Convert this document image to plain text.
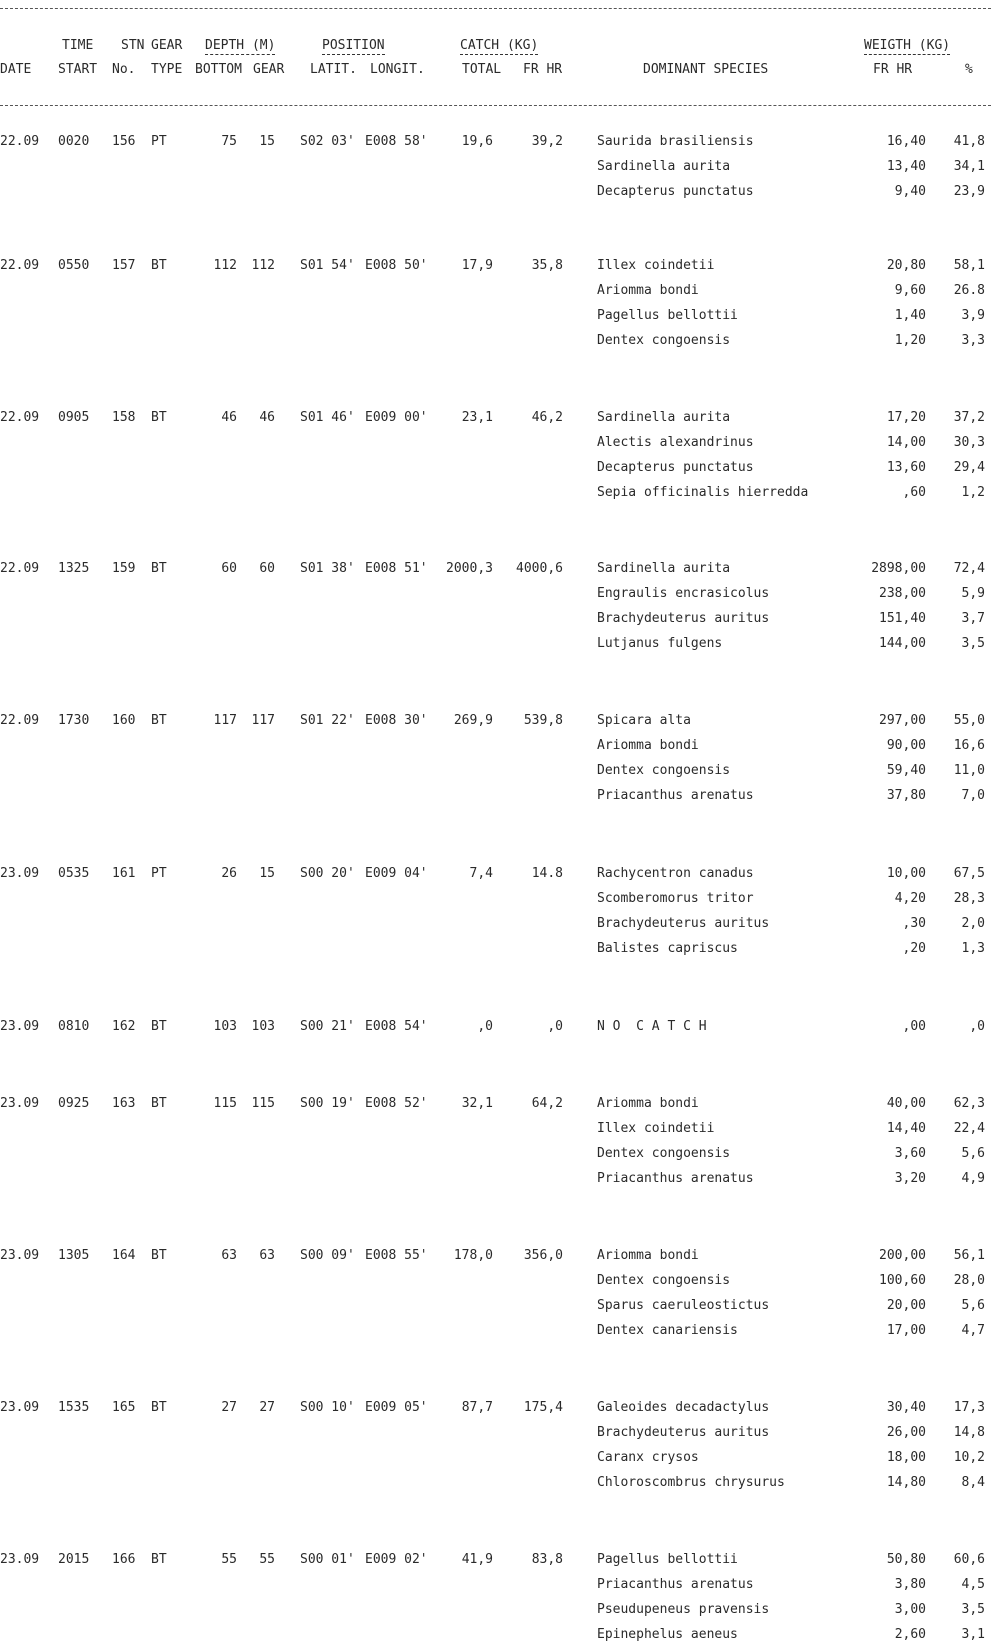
TIME STN GEAR DEPTH (M)	POSITION	CATCH (KG)	WEIGTH (KG)
DATE START No. TYPE BOTTOM GEAR LATIT. LONGIT.	TOTAL FR HR	DOMINANT SPECIES	FR HR	%
22.09	0020	156	PT	75	15 S02 03' E008 58'	19,6	39,2	Saurida brasiliensis	16,40	41,8
Sardinella aurita	13,40	34,1
Decapterus punctatus	9,40	23,9
22.09	0550	157	BT	112	112 S01 54' E008 50'	17,9	35,8	Illex coindetii	20,80	58,1
Ariomma bondi	9,60	26.8
Pagellus bellottii	1,40	3,9
Dentex congoensis	1,20	3,3
22.09	0905	158	BT	46	46 S01 46' E009 00'	23,1	46,2	Sardinella aurita	17,20	37,2
Alectis alexandrinus	14,00	30,3
Decapterus punctatus	13,60	29,4
Sepia officinalis hierredda	,60	1,2
22.09	1325	159	BT	60	60 S01 38' E008 51'	2000,3	4000,6	Sardinella aurita	2898,00	72,4
Engraulis encrasicolus	238,00	5,9
Brachydeuterus auritus	151,40	3,7
Lutjanus fulgens	144,00	3,5
22.09	1730	160	BT	117	117 S01 22' E008 30'	269,9	539,8	Spicara alta	297,00	55,0
Ariomma bondi	90,00	16,6
Dentex congoensis	59,40	11,0
Priacanthus arenatus	37,80	7,0
23.09	0535	161	PT	26	15 S00 20' E009 04'	7,4	14.8	Rachycentron canadus	10,00	67,5
Scomberomorus tritor	4,20	28,3
Brachydeuterus auritus	,30	2,0
Balistes capriscus	,20	1,3
23.09	0810	162	BT	103	103 S00 21' E008 54'	,0	,0	N O  C A T C H	,00	,0
23.09	0925	163	BT	115	115 S00 19' E008 52'	32,1	64,2	Ariomma bondi	40,00	62,3
Illex coindetii	14,40	22,4
Dentex congoensis	3,60	5,6
Priacanthus arenatus	3,20	4,9
23.09	1305	164	BT	63	63 S00 09' E008 55'	178,0	356,0	Ariomma bondi	200,00	56,1
Dentex congoensis	100,60	28,0
Sparus caeruleostictus	20,00	5,6
Dentex canariensis	17,00	4,7
23.09	1535	165	BT	27	27 S00 10' E009 05'	87,7	175,4	Galeoides decadactylus	30,40	17,3
Brachydeuterus auritus	26,00	14,8
Caranx crysos	18,00	10,2
Chloroscombrus chrysurus	14,80	8,4
23.09	2015	166	BT	55	55 S00 01' E009 02'	41,9	83,8	Pagellus bellottii	50,80	60,6
Priacanthus arenatus	3,80	4,5
Pseudupeneus pravensis	3,00	3,5
Epinephelus aeneus	2,60	3,1
